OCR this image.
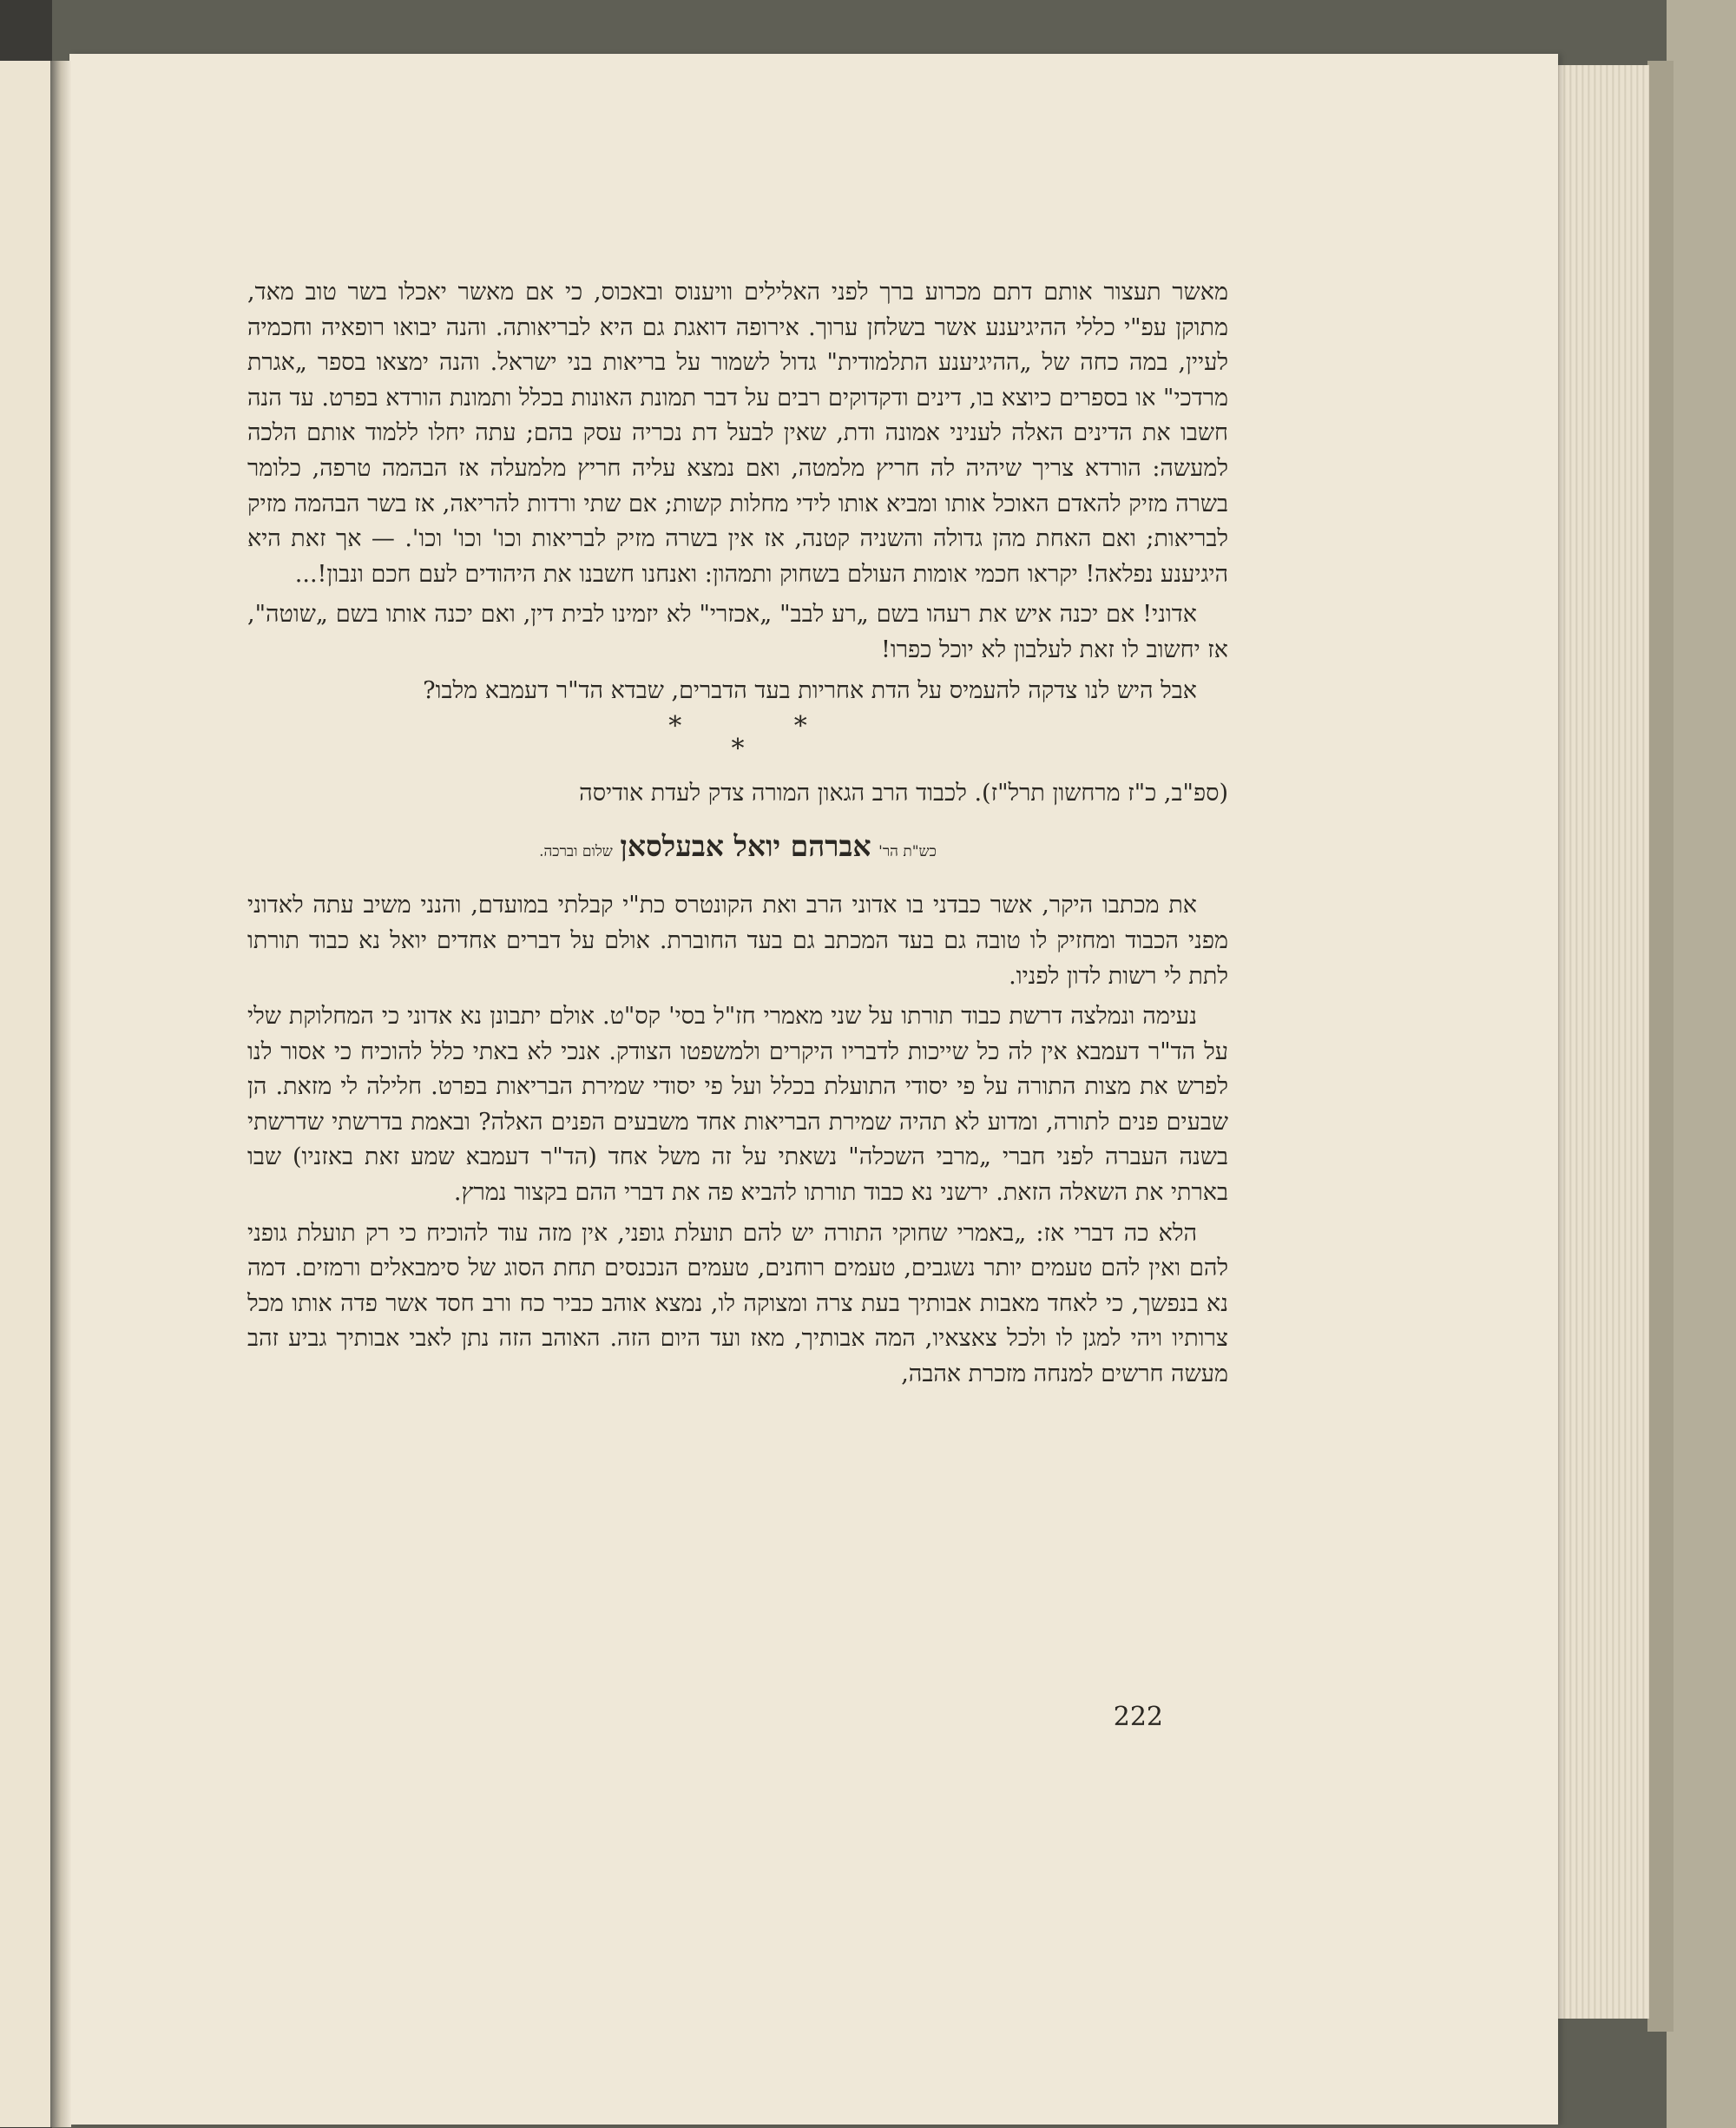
מאשר תעצור אותם דתם מכרוע ברך לפני האלילים וויענוס ובאכוס, כי אם מאשר יאכלו בשר טוב מאד, מתוקן עפ"י כללי ההיגיענע אשר בשלחן ערוך. אירופה דואגת גם היא לבריאותה. והנה יבואו רופאיה וחכמיה לעיין, במה כחה של „ההיגיענע התלמודית" גדול לשמור על בריאות בני ישראל. והנה ימצאו בספר „אגרת מרדכי" או בספרים כיוצא בו, דינים ודקדוקים רבים על דבר תמונת האונות בכלל ותמונת הורדא בפרט. עד הנה חשבו את הדינים האלה לעניני אמונה ודת, שאין לבעל דת נכריה עסק בהם; עתה יחלו ללמוד אותם הלכה למעשה: הורדא צריך שיהיה לה חריץ מלמטה, ואם נמצא עליה חריץ מלמעלה אז הבהמה טרפה, כלומר בשרה מזיק להאדם האוכל אותו ומביא אותו לידי מחלות קשות; אם שתי ורדות להריאה, אז בשר הבהמה מזיק לבריאות; ואם האחת מהן גדולה והשניה קטנה, אז אין בשרה מזיק לבריאות וכו' וכו' וכו'. — אך זאת היא היגיענע נפלאה! יקראו חכמי אומות העולם בשחוק ותמהון: ואנחנו חשבנו את היהודים לעם חכם ונבון!...

אדוני! אם יכנה איש את רעהו בשם „רע לבב" „אכזרי" לא יזמינו לבית דין, ואם יכנה אותו בשם „שוטה", אז יחשוב לו זאת לעלבון לא יוכל כפרו!

אבל היש לנו צדקה להעמיס על הדת אחריות בעד הדברים, שבדא הד"ר דעמבא מלבו?

* *
*

(ספ"ב, כ"ז מרחשון תרל"ז). לכבוד הרב הגאון המורה צדק לעדת אודיסה

כש"ת הר' אברהם יואל אבעלסאן שלום וברכה.

את מכתבו היקר, אשר כבדני בו אדוני הרב ואת הקונטרס כת"י קבלתי במועדם, והנני משיב עתה לאדוני מפני הכבוד ומחזיק לו טובה גם בעד המכתב גם בעד החוברת. אולם על דברים אחדים יואל נא כבוד תורתו לתת לי רשות לדון לפניו.

נעימה ונמלצה דרשת כבוד תורתו על שני מאמרי חז"ל בסי' קס"ט. אולם יתבונן נא אדוני כי המחלוקת שלי על הד"ר דעמבא אין לה כל שייכות לדבריו היקרים ולמשפטו הצודק. אנכי לא באתי כלל להוכיח כי אסור לנו לפרש את מצות התורה על פי יסודי התועלת בכלל ועל פי יסודי שמירת הבריאות בפרט. חלילה לי מזאת. הן שבעים פנים לתורה, ומדוע לא תהיה שמירת הבריאות אחד משבעים הפנים האלה? ובאמת בדרשתי שדרשתי בשנה העברה לפני חברי „מרבי השכלה" נשאתי על זה משל אחד (הד"ר דעמבא שמע זאת באזניו) שבו בארתי את השאלה הזאת. ירשני נא כבוד תורתו להביא פה את דברי ההם בקצור נמרץ.

הלא כה דברי אז: „באמרי שחוקי התורה יש להם תועלת גופני, אין מזה עוד להוכיח כי רק תועלת גופני להם ואין להם טעמים יותר נשגבים, טעמים רוחנים, טעמים הנכנסים תחת הסוג של סימבאלים ורמזים. דמה נא בנפשך, כי לאחד מאבות אבותיך בעת צרה ומצוקה לו, נמצא אוהב כביר כח ורב חסד אשר פדה אותו מכל צרותיו ויהי למגן לו ולכל צאצאיו, המה אבותיך, מאז ועד היום הזה. האוהב הזה נתן לאבי אבותיך גביע זהב מעשה חרשים למנחה מזכרת אהבה,

222
